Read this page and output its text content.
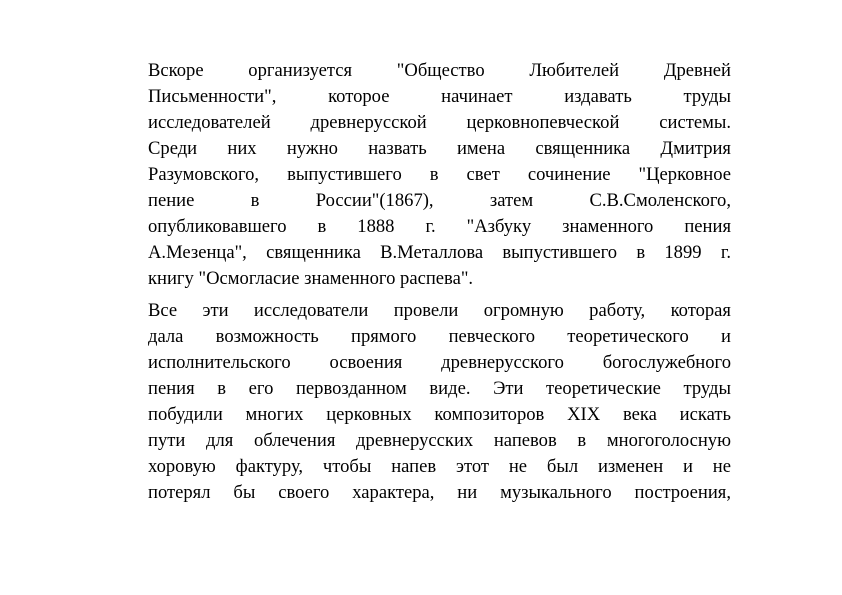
Вскоре организуется "Общество Любителей Древней
Письменности", которое начинает издавать труды
исследователей древнерусской церковнопевческой системы.
Среди них нужно назвать имена священника Дмитрия
Разумовского, выпустившего в свет сочинение "Церковное
пение в России"(1867), затем С.В.Смоленского,
опубликовавшего в 1888 г. "Азбуку знаменного пения
А.Мезенца", священника В.Металлова выпустившего в 1899 г.
книгу "Осмогласие знаменного распева".

Все эти исследователи провели огромную работу, которая
дала возможность прямого певческого теоретического и
исполнительского освоения древнерусского богослужебного
пения в его первозданном виде. Эти теоретические труды
побудили многих церковных композиторов XIX века искать
пути для облечения древнерусских напевов в многоголосную
хоровую фактуру, чтобы напев этот не был изменен и не
потерял бы своего характера, ни музыкального построения,
